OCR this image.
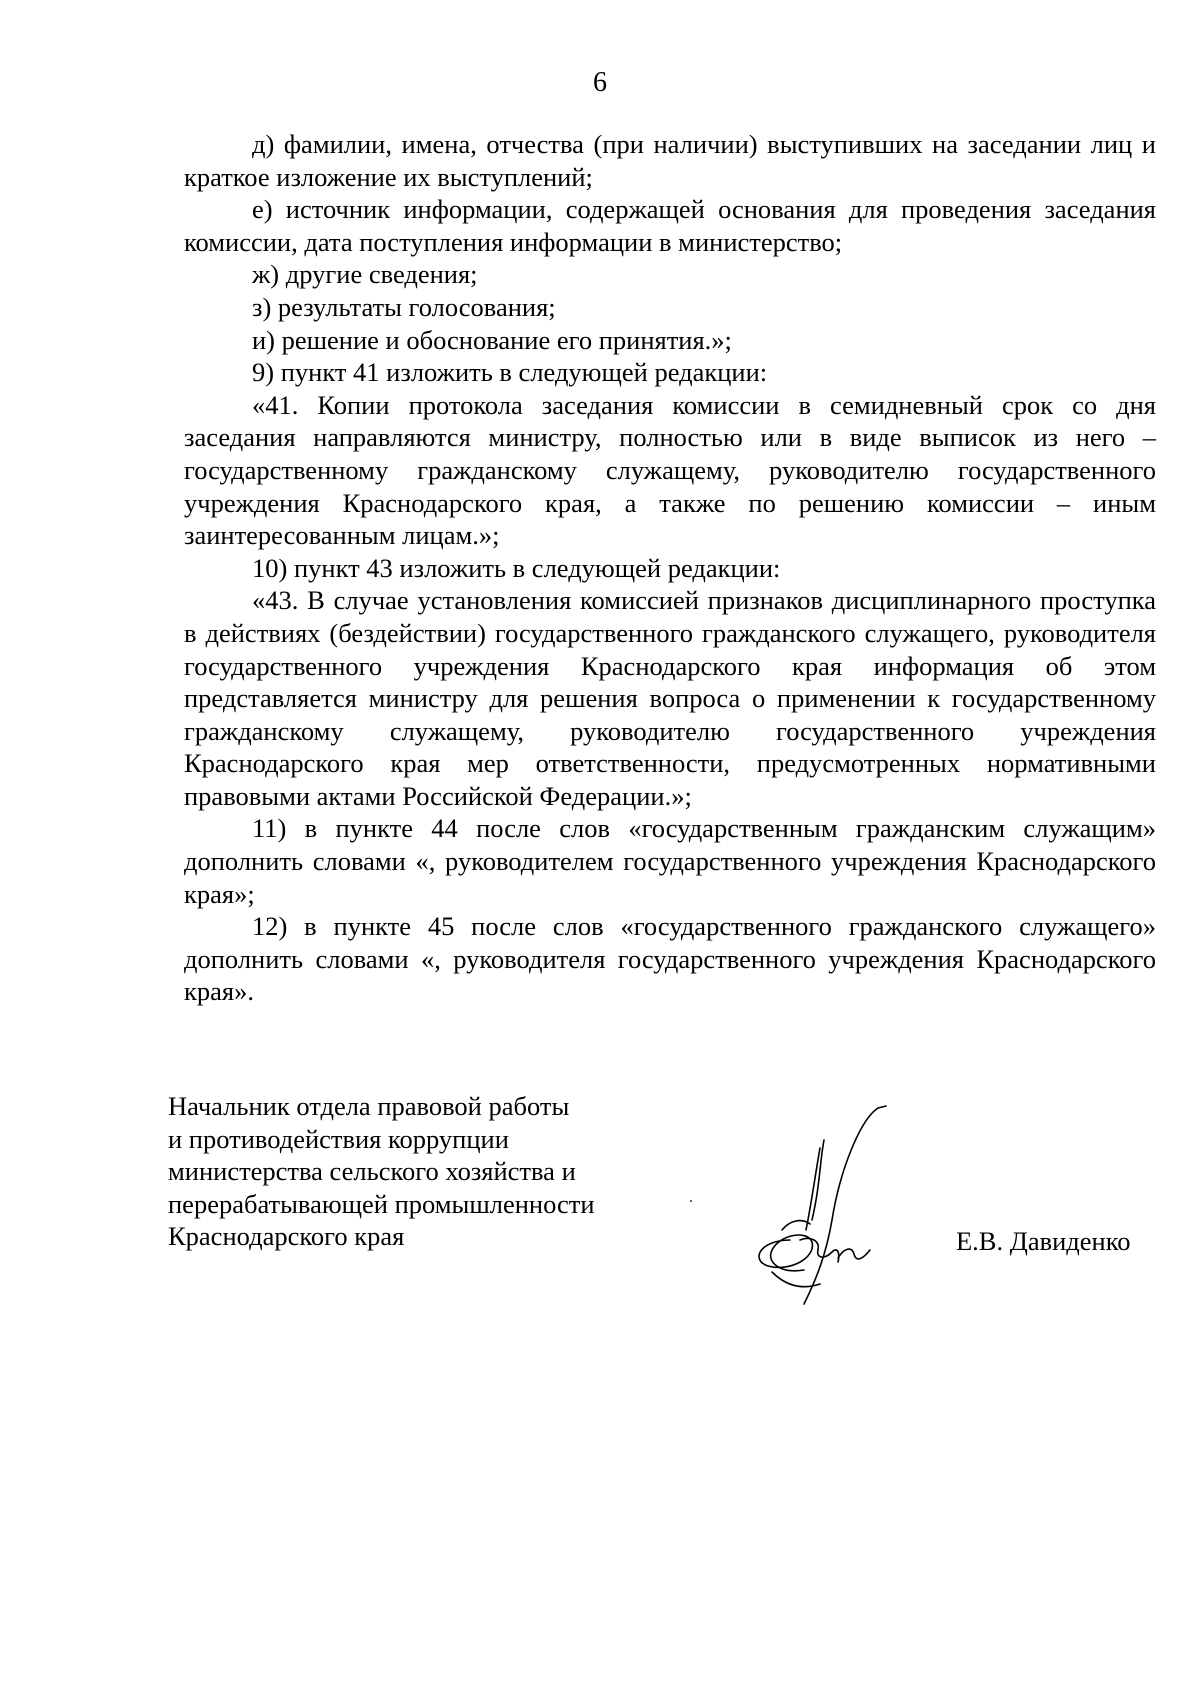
6

д) фамилии, имена, отчества (при наличии) выступивших на заседании лиц и краткое изложение их выступлений;

е) источник информации, содержащей основания для проведения заседания комиссии, дата поступления информации в министерство;

ж) другие сведения;

з) результаты голосования;

и) решение и обоснование его принятия.»;

9) пункт 41 изложить в следующей редакции:

«41. Копии протокола заседания комиссии в семидневный срок со дня заседания направляются министру, полностью или в виде выписок из него – государственному гражданскому служащему, руководителю государственного учреждения Краснодарского края, а также по решению комиссии – иным заинтересованным лицам.»;

10) пункт 43 изложить в следующей редакции:

«43. В случае установления комиссией признаков дисциплинарного проступка в действиях (бездействии) государственного гражданского служащего, руководителя государственного учреждения Краснодарского края информация об этом представляется министру для решения вопроса о применении к государственному гражданскому служащему, руководителю государственного учреждения Краснодарского края мер ответственности, предусмотренных нормативными правовыми актами Российской Федерации.»;

11) в пункте 44 после слов «государственным гражданским служащим» дополнить словами «, руководителем государственного учреждения Краснодарского края»;

12) в пункте 45 после слов «государственного гражданского служащего» дополнить словами «, руководителя государственного учреждения Краснодарского края».

Начальник отдела правовой работы
и противодействия коррупции
министерства сельского хозяйства и
перерабатывающей промышленности
Краснодарского края	Е.В. Давиденко
